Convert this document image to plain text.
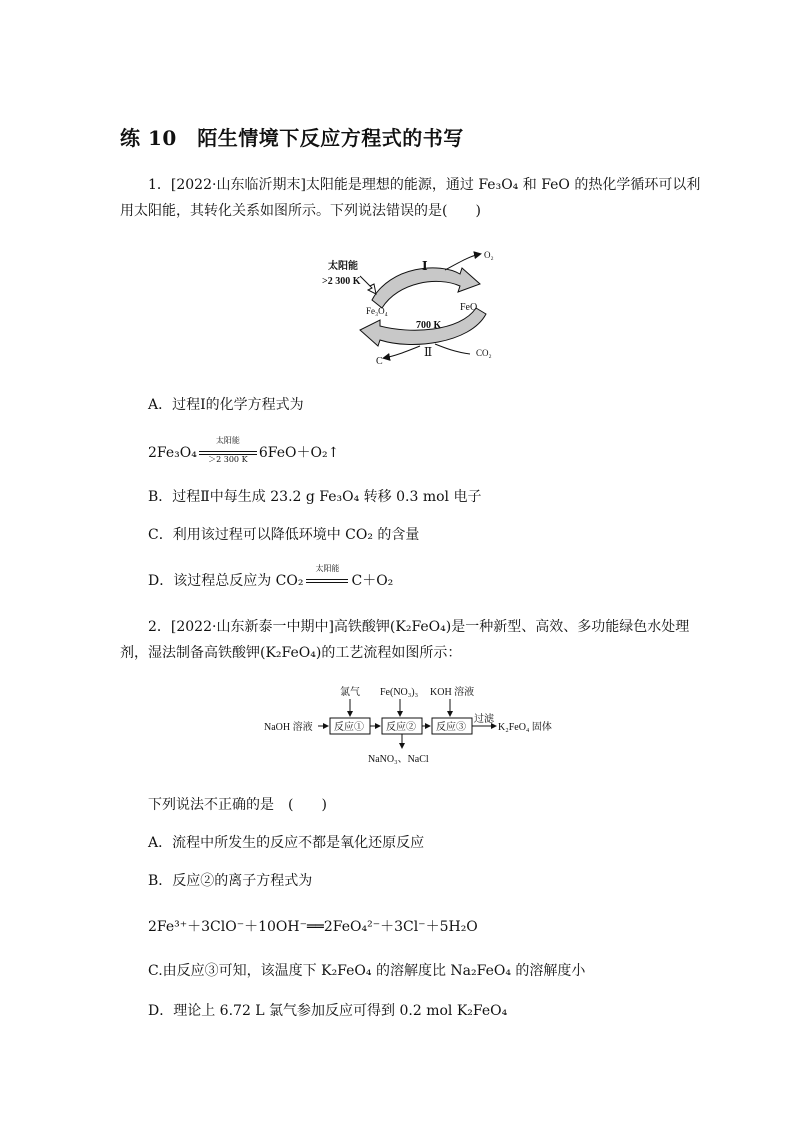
练 10　陌生情境下反应方程式的书写
1．[2022·山东临沂期末]太阳能是理想的能源，通过 Fe₃O₄ 和 FeO 的热化学循环可以利
用太阳能，其转化关系如图所示。下列说法错误的是(　　)
太阳能
>2 300 K
Ⅰ
O₂
FeO
Fe₃O₄
700 K
Ⅱ
C
CO₂
A．过程Ⅰ的化学方程式为
2Fe₃O₄
太阳能
＞2 300 K 6FeO＋O₂↑
B．过程Ⅱ中每生成 23.2 g Fe₃O₄ 转移 0.3 mol 电子
C．利用该过程可以降低环境中 CO₂ 的含量
D．该过程总反应为 CO₂
太阳能
C＋O₂
2．[2022·山东新泰一中期中]高铁酸钾(K₂FeO₄)是一种新型、高效、多功能绿色水处理
剂，湿法制备高铁酸钾(K₂FeO₄)的工艺流程如图所示：
氯气 Fe(NO₃)₃ KOH 溶液
NaOH 溶液 反应① 反应② 反应③
过滤
K₂FeO₄ 固体
NaNO₃、NaCl
下列说法不正确的是　(　　)
A．流程中所发生的反应不都是氧化还原反应
B．反应②的离子方程式为
2Fe³⁺＋3ClO⁻＋10OH⁻══2FeO₄²⁻＋3Cl⁻＋5H₂O
C.由反应③可知，该温度下 K₂FeO₄ 的溶解度比 Na₂FeO₄ 的溶解度小
D．理论上 6.72 L 氯气参加反应可得到 0.2 mol K₂FeO₄
